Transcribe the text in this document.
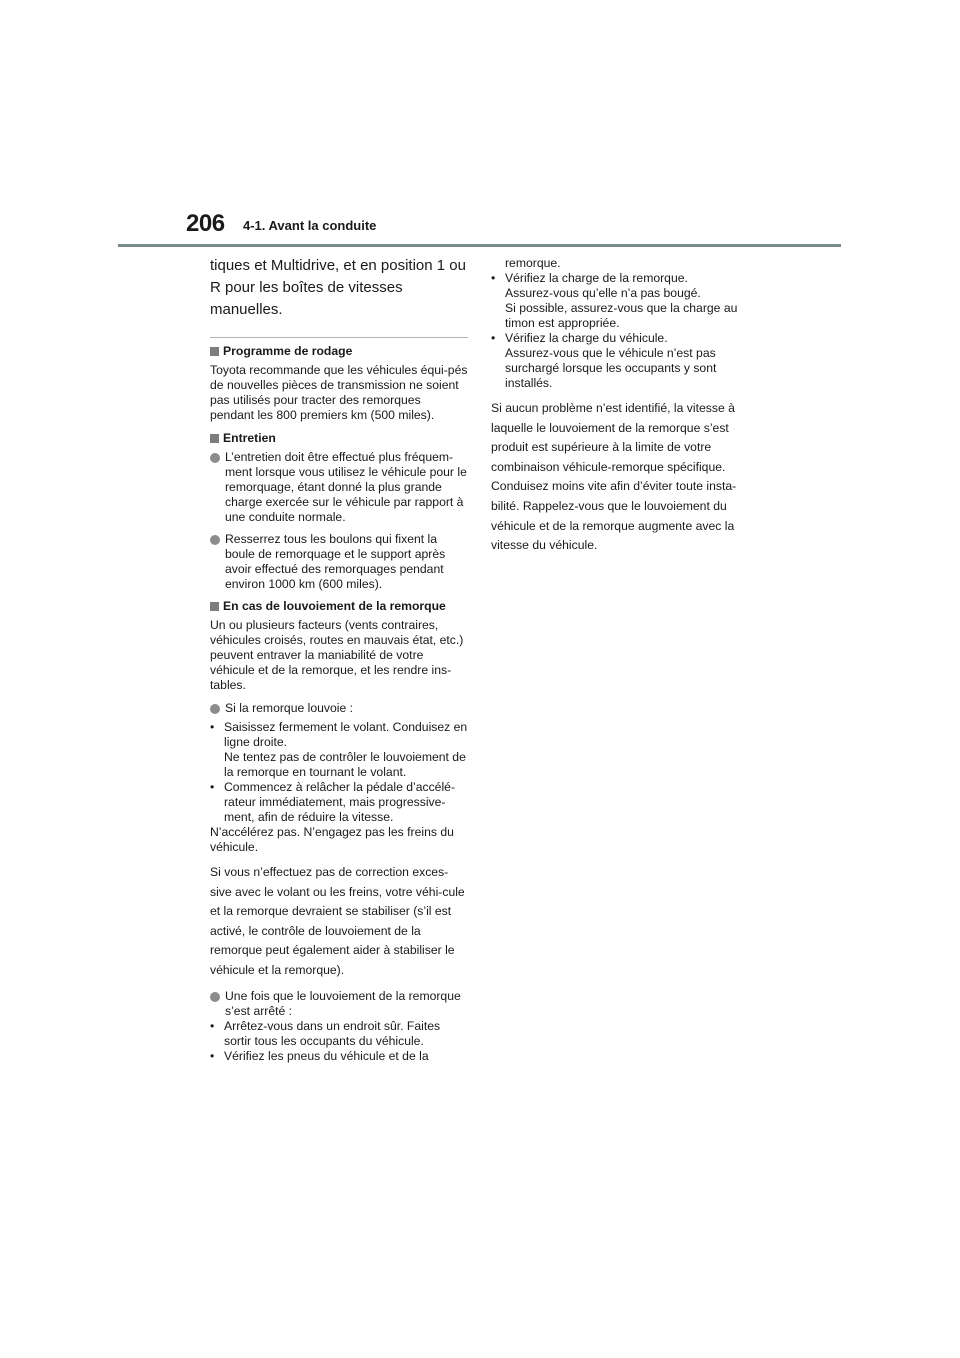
206 4-1. Avant la conduite

tiques et Multidrive, et en position 1 ou R pour les boîtes de vitesses manuelles.

Programme de rodage

Toyota recommande que les véhicules équi-pés de nouvelles pièces de transmission ne soient pas utilisés pour tracter des remorques pendant les 800 premiers km (500 miles).

Entretien
L’entretien doit être effectué plus fréquem-ment lorsque vous utilisez le véhicule pour le remorquage, étant donné la plus grande charge exercée sur le véhicule par rapport à une conduite normale.
Resserrez tous les boulons qui fixent la boule de remorquage et le support après avoir effectué des remorquages pendant environ 1000 km (600 miles).
En cas de louvoiement de la remorque

Un ou plusieurs facteurs (vents contraires, véhicules croisés, routes en mauvais état, etc.) peuvent entraver la maniabilité de votre véhicule et de la remorque, et les rendre ins-tables.

Si la remorque louvoie :
• Saisissez fermement le volant. Conduisez en ligne droite.
Ne tentez pas de contrôler le louvoiement de la remorque en tournant le volant.
• Commencez à relâcher la pédale d’accélé-rateur immédiatement, mais progressive-ment, afin de réduire la vitesse.
N’accélérez pas. N’engagez pas les freins du véhicule.

Si vous n’effectuez pas de correction exces-sive avec le volant ou les freins, votre véhi-cule et la remorque devraient se stabiliser (s’il est activé, le contrôle de louvoiement de la remorque peut également aider à stabiliser le véhicule et la remorque).

Une fois que le louvoiement de la remorque s’est arrêté :
• Arrêtez-vous dans un endroit sûr. Faites sortir tous les occupants du véhicule.
• Vérifiez les pneus du véhicule et de la
remorque.
• Vérifiez la charge de la remorque.
Assurez-vous qu’elle n’a pas bougé.
Si possible, assurez-vous que la charge au timon est appropriée.
• Vérifiez la charge du véhicule.
Assurez-vous que le véhicule n’est pas surchargé lorsque les occupants y sont installés.

Si aucun problème n’est identifié, la vitesse à laquelle le louvoiement de la remorque s’est produit est supérieure à la limite de votre combinaison véhicule-remorque spécifique. Conduisez moins vite afin d’éviter toute insta-bilité. Rappelez-vous que le louvoiement du véhicule et de la remorque augmente avec la vitesse du véhicule.
